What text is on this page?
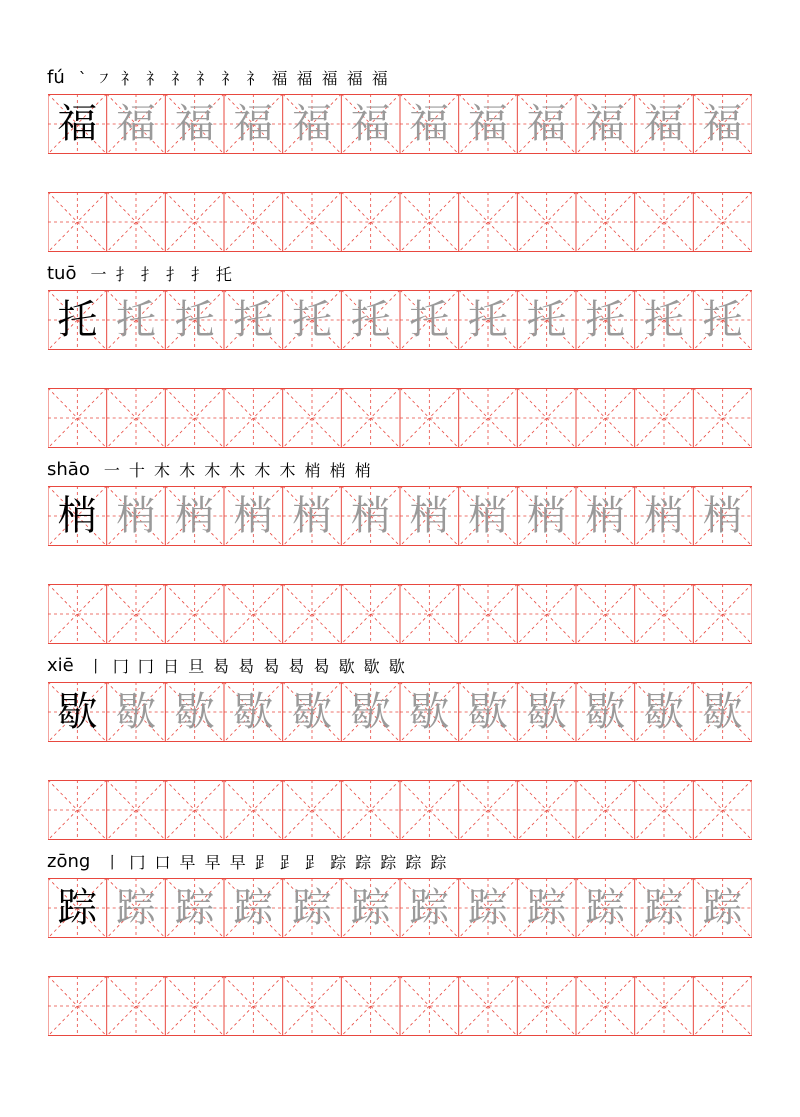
fú ` ㇇ 礻 礻 礻 礻 礻 礻 福 福 福 福 福
福 福 福 福 福 福 福 福 福 福 福 福
tuō 一 扌 扌 扌 扌 托
托 托 托 托 托 托 托 托 托 托 托 托
shāo 一 十 木 木 木 木 木 木 梢 梢 梢
梢 梢 梢 梢 梢 梢 梢 梢 梢 梢 梢 梢
xiē 丨 冂 冂 日 旦 曷 曷 曷 曷 曷 歇 歇 歇
歇 歇 歇 歇 歇 歇 歇 歇 歇 歇 歇 歇
zōng 丨 冂 口 早 早 早 𧾷 𧾷 𧾷 踪 踪 踪 踪 踪
踪 踪 踪 踪 踪 踪 踪 踪 踪 踪 踪 踪
